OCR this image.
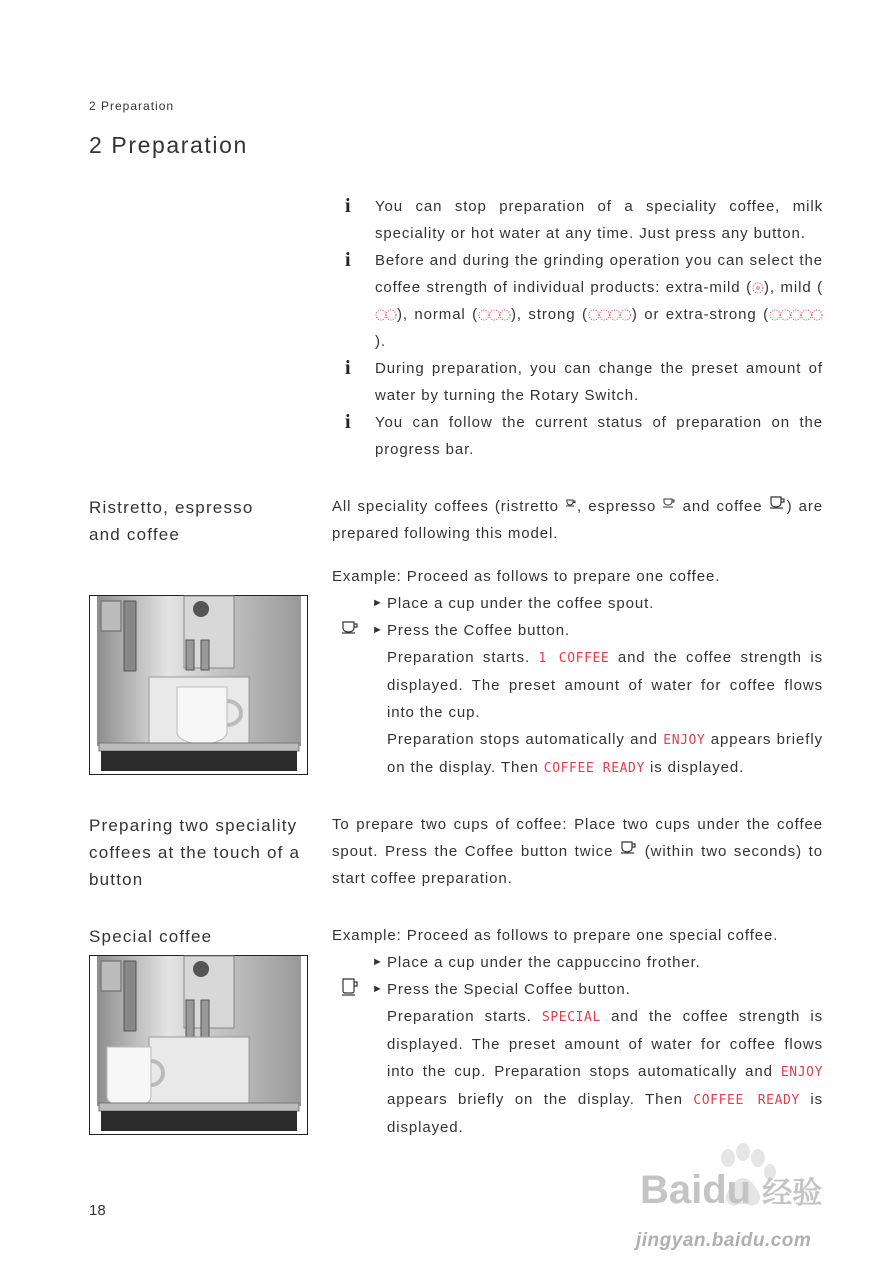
2 Preparation
2 Preparation
i	You can stop preparation of a speciality coffee, milk speciality or hot water at any time. Just press any button.
i	Before and during the grinding operation you can select the coffee strength of individual products: extra-mild ( ), mild (), normal ( ), strong (	) or extra-strong ().
i	During preparation, you can change the preset amount of water by turning the Rotary Switch.
i	You can follow the current status of preparation on the progress bar.
Ristretto, espresso
and coffee
All speciality coffees (ristretto , espresso  and coffee ) are prepared following this model.
Example: Proceed as follows to prepare one coffee.
► Place a cup under the coffee spout.
► Press the Coffee button.
Preparation starts. 1 COFFEE and the coffee strength is displayed. The preset amount of water for coffee flows into the cup.
Preparation stops automatically and ENJOY appears briefly on the display. Then COFFEE READY is displayed.
Preparing two speciality
coffees at the touch of a
button
To prepare two cups of coffee: Place two cups under the coffee spout. Press the Coffee button twice  (within two seconds) to start coffee preparation.
Special coffee	Example: Proceed as follows to prepare one special coffee.
► Place a cup under the cappuccino frother.
► Press the Special Coffee button.
Preparation starts. SPECIAL and the coffee strength is displayed. The preset amount of water for coffee flows into the cup. Preparation stops automatically and ENJOY appears briefly on the display. Then COFFEE READY is displayed.
18	Baidu 经验
jingyan.baidu.com
